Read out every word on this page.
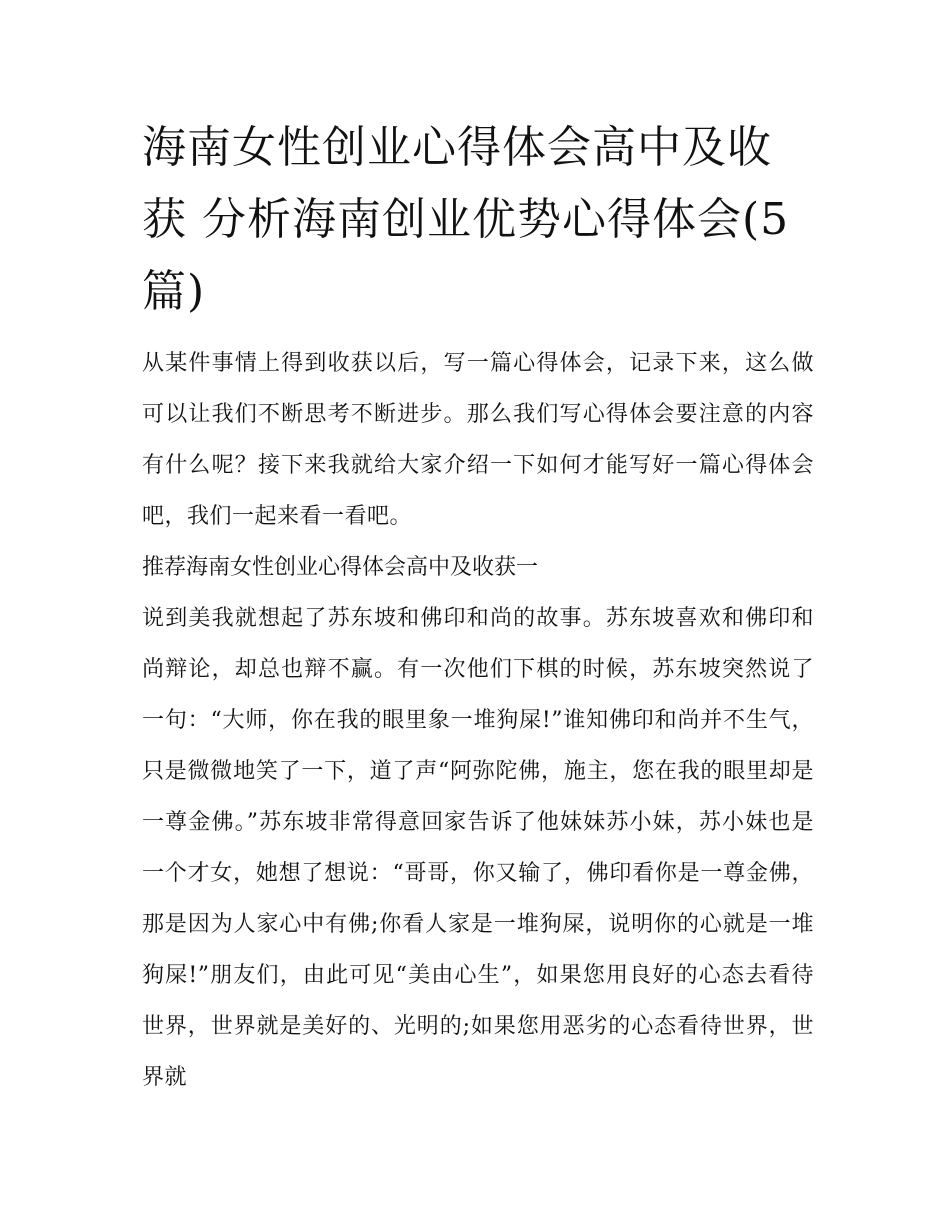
海南女性创业心得体会高中及收获 分析海南创业优势心得体会(5篇)

从某件事情上得到收获以后，写一篇心得体会，记录下来，这么做可以让我们不断思考不断进步。那么我们写心得体会要注意的内容有什么呢？接下来我就给大家介绍一下如何才能写好一篇心得体会吧，我们一起来看一看吧。

推荐海南女性创业心得体会高中及收获一

说到美我就想起了苏东坡和佛印和尚的故事。苏东坡喜欢和佛印和尚辩论，却总也辩不赢。有一次他们下棋的时候，苏东坡突然说了一句：“大师，你在我的眼里象一堆狗屎!”谁知佛印和尚并不生气，只是微微地笑了一下，道了声“阿弥陀佛，施主，您在我的眼里却是一尊金佛。”苏东坡非常得意回家告诉了他妹妹苏小妹，苏小妹也是一个才女，她想了想说：“哥哥，你又输了，佛印看你是一尊金佛，那是因为人家心中有佛;你看人家是一堆狗屎，说明你的心就是一堆狗屎!”朋友们，由此可见“美由心生”，如果您用良好的心态去看待世界，世界就是美好的、光明的;如果您用恶劣的心态看待世界，世界就
